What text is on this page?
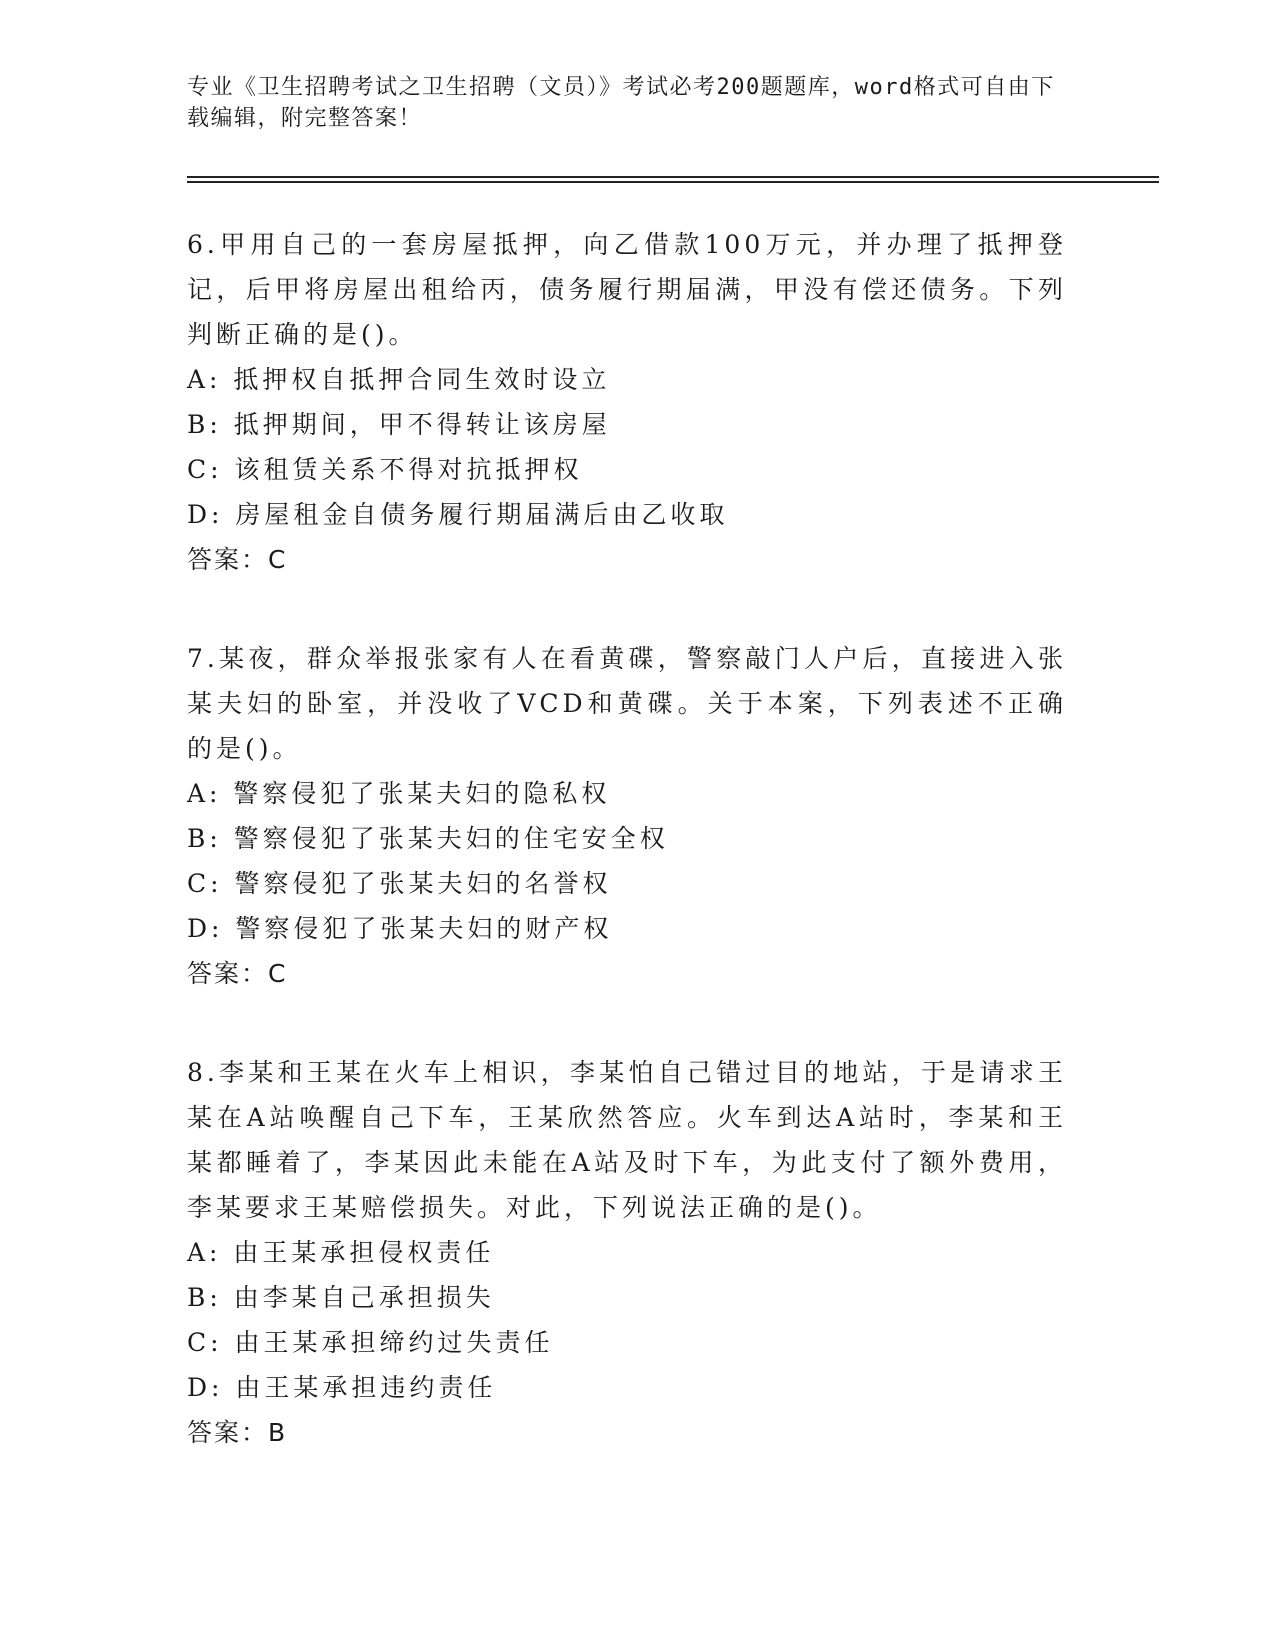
专业《卫生招聘考试之卫生招聘（文员）》考试必考200题题库，word格式可自由下载编辑，附完整答案！

6.甲用自己的一套房屋抵押，向乙借款100万元，并办理了抵押登记，后甲将房屋出租给丙，债务履行期届满，甲没有偿还债务。下列判断正确的是()。

A: 抵押权自抵押合同生效时设立

B: 抵押期间，甲不得转让该房屋

C: 该租赁关系不得对抗抵押权

D: 房屋租金自债务履行期届满后由乙收取

答案：C

7.某夜，群众举报张家有人在看黄碟，警察敲门人户后，直接进入张某夫妇的卧室，并没收了VCD和黄碟。关于本案，下列表述不正确的是()。

A: 警察侵犯了张某夫妇的隐私权

B: 警察侵犯了张某夫妇的住宅安全权

C: 警察侵犯了张某夫妇的名誉权

D: 警察侵犯了张某夫妇的财产权

答案：C

8.李某和王某在火车上相识，李某怕自己错过目的地站，于是请求王某在A站唤醒自己下车，王某欣然答应。火车到达A站时，李某和王某都睡着了，李某因此未能在A站及时下车，为此支付了额外费用，李某要求王某赔偿损失。对此，下列说法正确的是()。

A: 由王某承担侵权责任

B: 由李某自己承担损失

C: 由王某承担缔约过失责任

D: 由王某承担违约责任

答案：B
